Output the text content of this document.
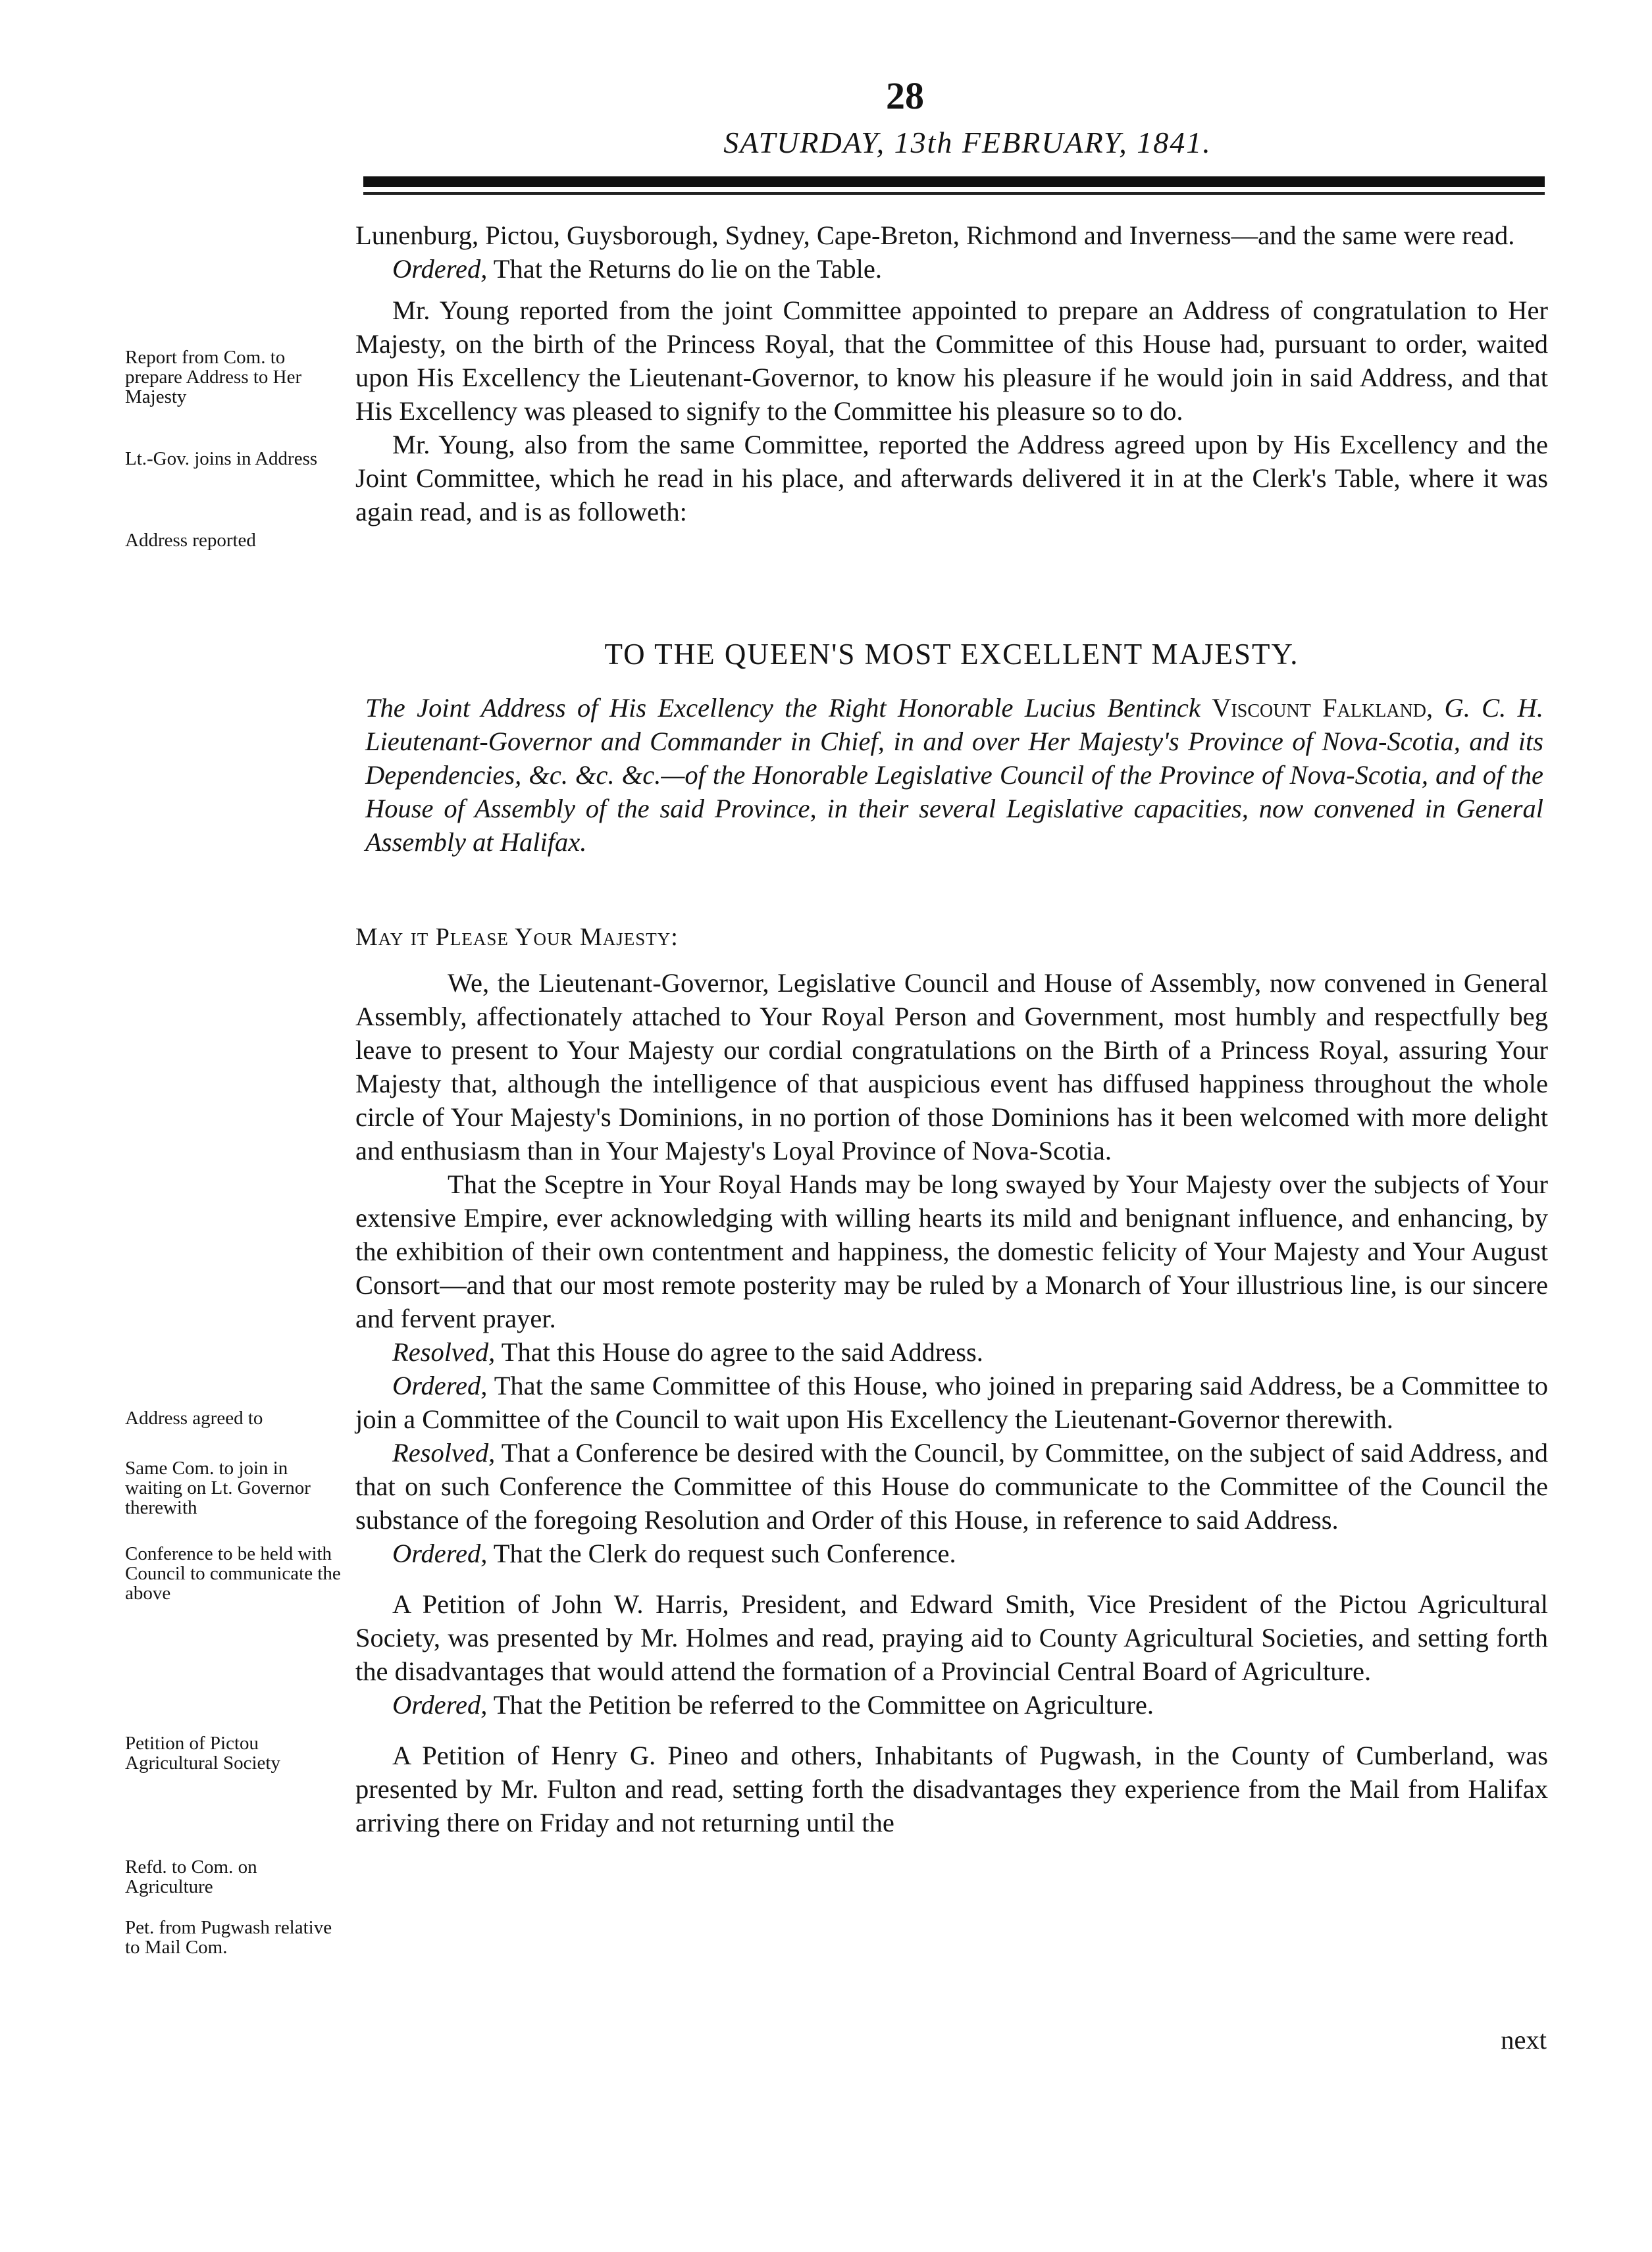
28
SATURDAY, 13th FEBRUARY, 1841.
Report from Com. to prepare Address to Her Majesty
Lt.-Gov. joins in Address
Address reported
Address agreed to
Same Com. to join in waiting on Lt. Governor therewith
Conference to be held with Council to communicate the above
Petition of Pictou Agricultural Society
Refd. to Com. on Agriculture
Pet. from Pugwash relative to Mail Com.

Lunenburg, Pictou, Guysborough, Sydney, Cape-Breton, Richmond and Inverness—and the same were read.

Ordered, That the Returns do lie on the Table.

Mr. Young reported from the joint Committee appointed to prepare an Address of congratulation to Her Majesty, on the birth of the Princess Royal, that the Committee of this House had, pursuant to order, waited upon His Excellency the Lieutenant-Governor, to know his pleasure if he would join in said Address, and that His Excellency was pleased to signify to the Committee his pleasure so to do.

Mr. Young, also from the same Committee, reported the Address agreed upon by His Excellency and the Joint Committee, which he read in his place, and afterwards delivered it in at the Clerk's Table, where it was again read, and is as followeth:

TO THE QUEEN'S MOST EXCELLENT MAJESTY.
The Joint Address of His Excellency the Right Honorable Lucius Bentinck Viscount Falkland, G. C. H. Lieutenant-Governor and Commander in Chief, in and over Her Majesty's Province of Nova-Scotia, and its Dependencies, &c. &c. &c.—of the Honorable Legislative Council of the Province of Nova-Scotia, and of the House of Assembly of the said Province, in their several Legislative capacities, now convened in General Assembly at Halifax.
May it Please Your Majesty:

We, the Lieutenant-Governor, Legislative Council and House of Assembly, now convened in General Assembly, affectionately attached to Your Royal Person and Government, most humbly and respectfully beg leave to present to Your Majesty our cordial congratulations on the Birth of a Princess Royal, assuring Your Majesty that, although the intelligence of that auspicious event has diffused happiness throughout the whole circle of Your Majesty's Dominions, in no portion of those Dominions has it been welcomed with more delight and enthusiasm than in Your Majesty's Loyal Province of Nova-Scotia.

That the Sceptre in Your Royal Hands may be long swayed by Your Majesty over the subjects of Your extensive Empire, ever acknowledging with willing hearts its mild and benignant influence, and enhancing, by the exhibition of their own contentment and happiness, the domestic felicity of Your Majesty and Your August Consort—and that our most remote posterity may be ruled by a Monarch of Your illustrious line, is our sincere and fervent prayer.

Resolved, That this House do agree to the said Address.

Ordered, That the same Committee of this House, who joined in preparing said Address, be a Committee to join a Committee of the Council to wait upon His Excellency the Lieutenant-Governor therewith.

Resolved, That a Conference be desired with the Council, by Committee, on the subject of said Address, and that on such Conference the Committee of this House do communicate to the Committee of the Council the substance of the foregoing Resolution and Order of this House, in reference to said Address.

Ordered, That the Clerk do request such Conference.

A Petition of John W. Harris, President, and Edward Smith, Vice President of the Pictou Agricultural Society, was presented by Mr. Holmes and read, praying aid to County Agricultural Societies, and setting forth the disadvantages that would attend the formation of a Provincial Central Board of Agriculture.

Ordered, That the Petition be referred to the Committee on Agriculture.

A Petition of Henry G. Pineo and others, Inhabitants of Pugwash, in the County of Cumberland, was presented by Mr. Fulton and read, setting forth the disadvantages they experience from the Mail from Halifax arriving there on Friday and not returning until the

next
